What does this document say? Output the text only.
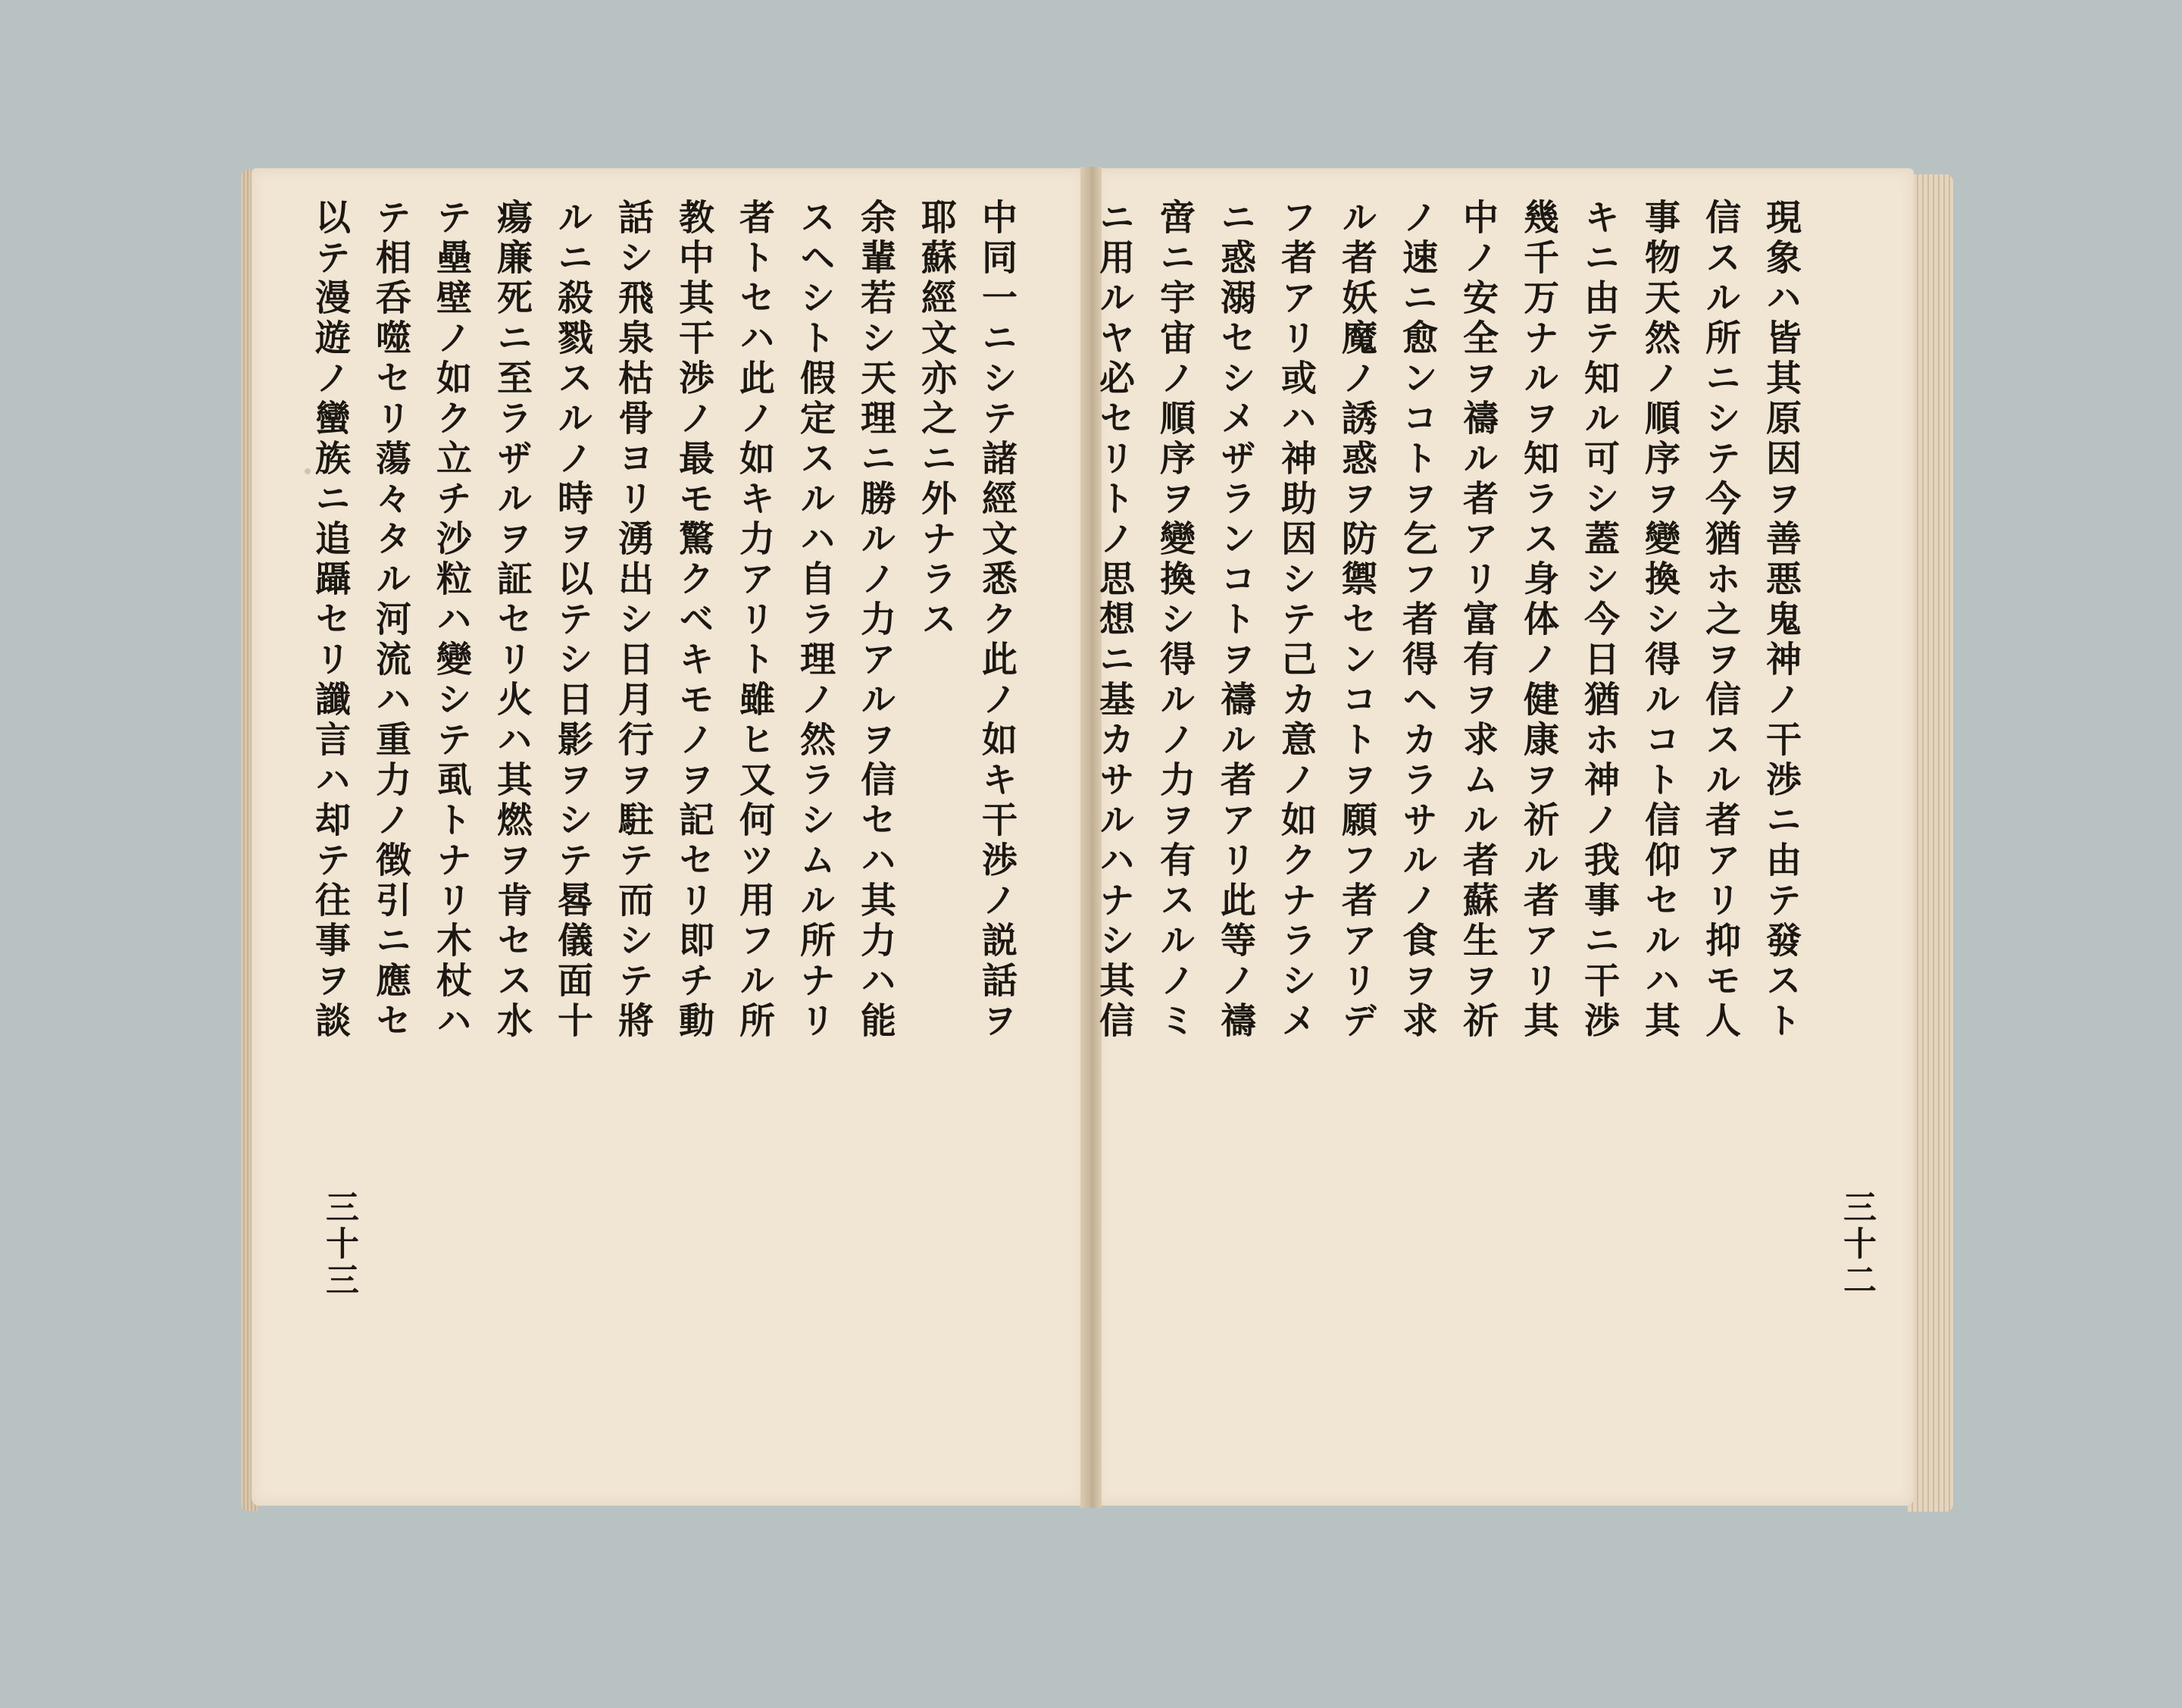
中同一ニシテ諸經文悉ク此ノ如キ干渉ノ説話ヲ
耶蘇經文亦之ニ外ナラス
余輩若シ天理ニ勝ルノ力アルヲ信セハ其力ハ能
スヘシト假定スルハ自ラ理ノ然ラシムル所ナリ
者トセハ此ノ如キ力アリト雖ヒ又何ツ用フル所
教中其干渉ノ最モ驚クベキモノヲ記セリ即チ動
話シ飛泉枯骨ヨリ湧出シ日月行ヲ駐テ而シテ將
ルニ殺戮スルノ時ヲ以テシ日影ヲシテ晷儀面十
瘍廉死ニ至ラザルヲ証セリ火ハ其燃ヲ肯セス水
テ壘壁ノ如ク立チ沙粒ハ變シテ虱トナリ木杖ハ
テ相呑噬セリ蕩々タル河流ハ重力ノ徴引ニ應セ
以テ漫遊ノ蠻族ニ追躡セリ讖言ハ却テ往事ヲ談	現象ハ皆其原因ヲ善悪鬼神ノ干渉ニ由テ發スト
信スル所ニシテ今猶ホ之ヲ信スル者アリ抑モ人
事物天然ノ順序ヲ變換シ得ルコト信仰セルハ其
キニ由テ知ル可シ蓋シ今日猶ホ神ノ我事ニ干渉
幾千万ナルヲ知ラス身体ノ健康ヲ祈ル者アリ其
中ノ安全ヲ禱ル者アリ富有ヲ求ムル者蘇生ヲ祈
ノ速ニ愈ンコトヲ乞フ者得ヘカラサルノ食ヲ求
ル者妖魔ノ誘惑ヲ防禦センコトヲ願フ者アリデ
フ者アリ或ハ神助因シテ己カ意ノ如クナラシメ
ニ惑溺セシメザランコトヲ禱ル者アリ此等ノ禱
啻ニ宇宙ノ順序ヲ變換シ得ルノ力ヲ有スルノミ
ニ用ルヤ必セリトノ思想ニ基カサルハナシ其信
三十三	三十二
